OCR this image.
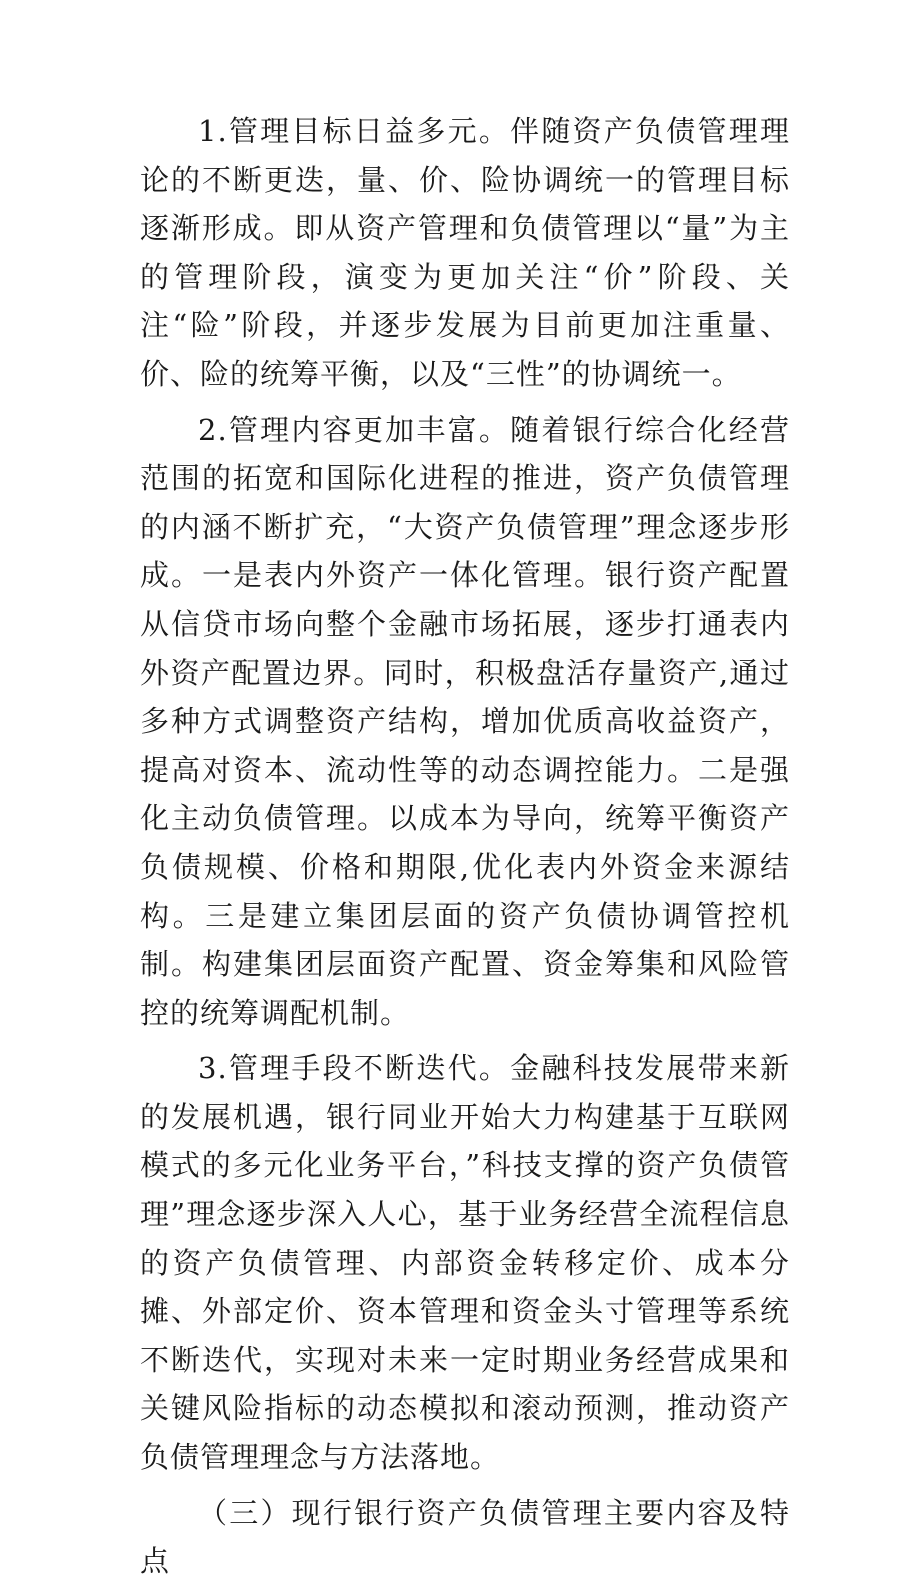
1.管理目标日益多元。伴随资产负债管理理论的不断更迭，量、价、险协调统一的管理目标逐渐形成。即从资产管理和负债管理以“量”为主的管理阶段，演变为更加关注“价”阶段、关注“险”阶段，并逐步发展为目前更加注重量、价、险的统筹平衡，以及“三性”的协调统一。

2.管理内容更加丰富。随着银行综合化经营范围的拓宽和国际化进程的推进，资产负债管理的内涵不断扩充，“大资产负债管理”理念逐步形成。一是表内外资产一体化管理。银行资产配置从信贷市场向整个金融市场拓展，逐步打通表内外资产配置边界。同时，积极盘活存量资产,通过多种方式调整资产结构，增加优质高收益资产，提高对资本、流动性等的动态调控能力。二是强化主动负债管理。以成本为导向，统筹平衡资产负债规模、价格和期限,优化表内外资金来源结构。三是建立集团层面的资产负债协调管控机制。构建集团层面资产配置、资金筹集和风险管控的统筹调配机制。

3.管理手段不断迭代。金融科技发展带来新的发展机遇，银行同业开始大力构建基于互联网模式的多元化业务平台，”科技支撑的资产负债管理”理念逐步深入人心，基于业务经营全流程信息的资产负债管理、内部资金转移定价、成本分摊、外部定价、资本管理和资金头寸管理等系统不断迭代，实现对未来一定时期业务经营成果和关键风险指标的动态模拟和滚动预测，推动资产负债管理理念与方法落地。

（三）现行银行资产负债管理主要内容及特点
